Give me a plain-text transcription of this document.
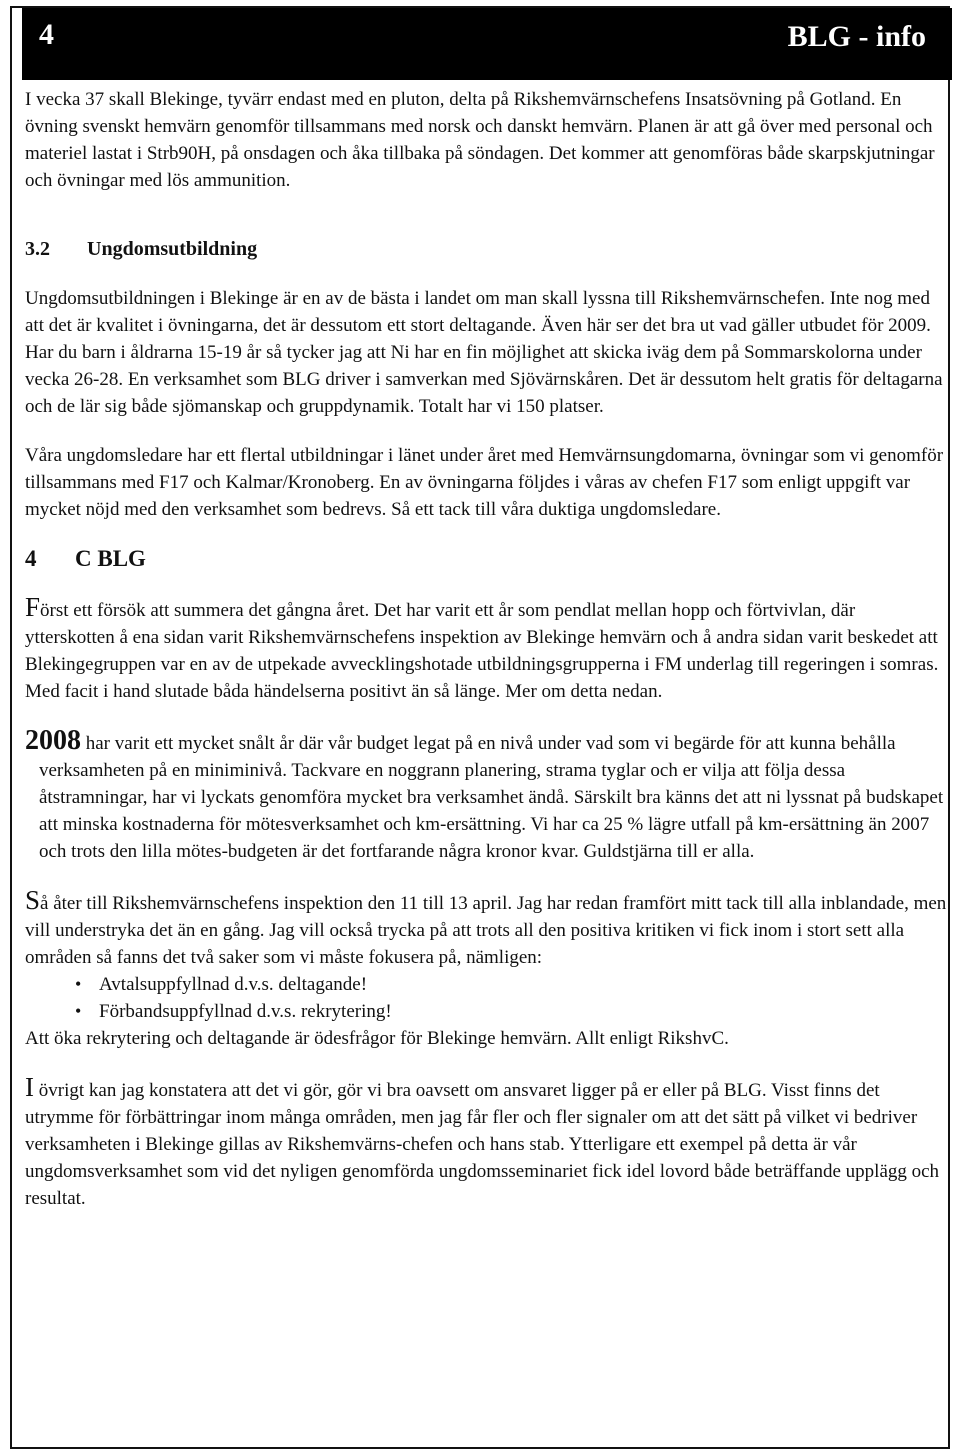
4	BLG - info

I vecka 37 skall Blekinge, tyvärr endast med en pluton, delta på Rikshemvärnschefens Insatsövning på Gotland. En övning svenskt hemvärn genomför tillsammans med norsk och danskt hemvärn. Planen är att gå över med personal och materiel lastat i Strb90H, på onsdagen och åka tillbaka på söndagen. Det kommer att genomföras både skarpskjutningar och övningar med lös ammunition.

3.2 Ungdomsutbildning

Ungdomsutbildningen i Blekinge är en av de bästa i landet om man skall lyssna till Rikshemvärnschefen. Inte nog med att det är kvalitet i övningarna, det är dessutom ett stort deltagande. Även här ser det bra ut vad gäller utbudet för 2009. Har du barn i åldrarna 15-19 år så tycker jag att Ni har en fin möjlighet att skicka iväg dem på Sommarskolorna under vecka 26-28. En verksamhet som BLG driver i samverkan med Sjövärnskåren. Det är dessutom helt gratis för deltagarna och de lär sig både sjömanskap och gruppdynamik. Totalt har vi 150 platser.

Våra ungdomsledare har ett flertal utbildningar i länet under året med Hemvärnsungdomarna, övningar som vi genomför tillsammans med F17 och Kalmar/Kronoberg. En av övningarna följdes i våras av chefen F17 som enligt uppgift var mycket nöjd med den verksamhet som bedrevs. Så ett tack till våra duktiga ungdomsledare.

4 C BLG

Först ett försök att summera det gångna året. Det har varit ett år som pendlat mellan hopp och förtvivlan, där ytterskotten å ena sidan varit Rikshemvärnschefens inspektion av Blekinge hemvärn och å andra sidan varit beskedet att Blekingegruppen var en av de utpekade avvecklingshotade utbildningsgrupperna i FM underlag till regeringen i somras.

Med facit i hand slutade båda händelserna positivt än så länge. Mer om detta nedan.

2008 har varit ett mycket snålt år där vår budget legat på en nivå under vad som vi begärde för att kunna behålla verksamheten på en miniminivå. Tackvare en noggrann planering, strama tyglar och er vilja att följa dessa åtstramningar, har vi lyckats genomföra mycket bra verksamhet ändå. Särskilt bra känns det att ni lyssnat på budskapet att minska kostnaderna för mötesverksamhet och km-ersättning. Vi har ca 25 % lägre utfall på km-ersättning än 2007 och trots den lilla mötes-budgeten är det fortfarande några kronor kvar. Guldstjärna till er alla.

Så åter till Rikshemvärnschefens inspektion den 11 till 13 april. Jag har redan framfört mitt tack till alla inblandade, men vill understryka det än en gång. Jag vill också trycka på att trots all den positiva kritiken vi fick inom i stort sett alla områden så fanns det två saker som vi måste fokusera på, nämligen:

• Avtalsuppfyllnad d.v.s. deltagande!
• Förbandsuppfyllnad d.v.s. rekrytering!

Att öka rekrytering och deltagande är ödesfrågor för Blekinge hemvärn. Allt enligt RikshvC.

I övrigt kan jag konstatera att det vi gör, gör vi bra oavsett om ansvaret ligger på er eller på BLG. Visst finns det utrymme för förbättringar inom många områden, men jag får fler och fler signaler om att det sätt på vilket vi bedriver verksamheten i Blekinge gillas av Rikshemvärns-chefen och hans stab. Ytterligare ett exempel på detta är vår ungdomsverksamhet som vid det nyligen genomförda ungdomsseminariet fick idel lovord både beträffande upplägg och resultat.
